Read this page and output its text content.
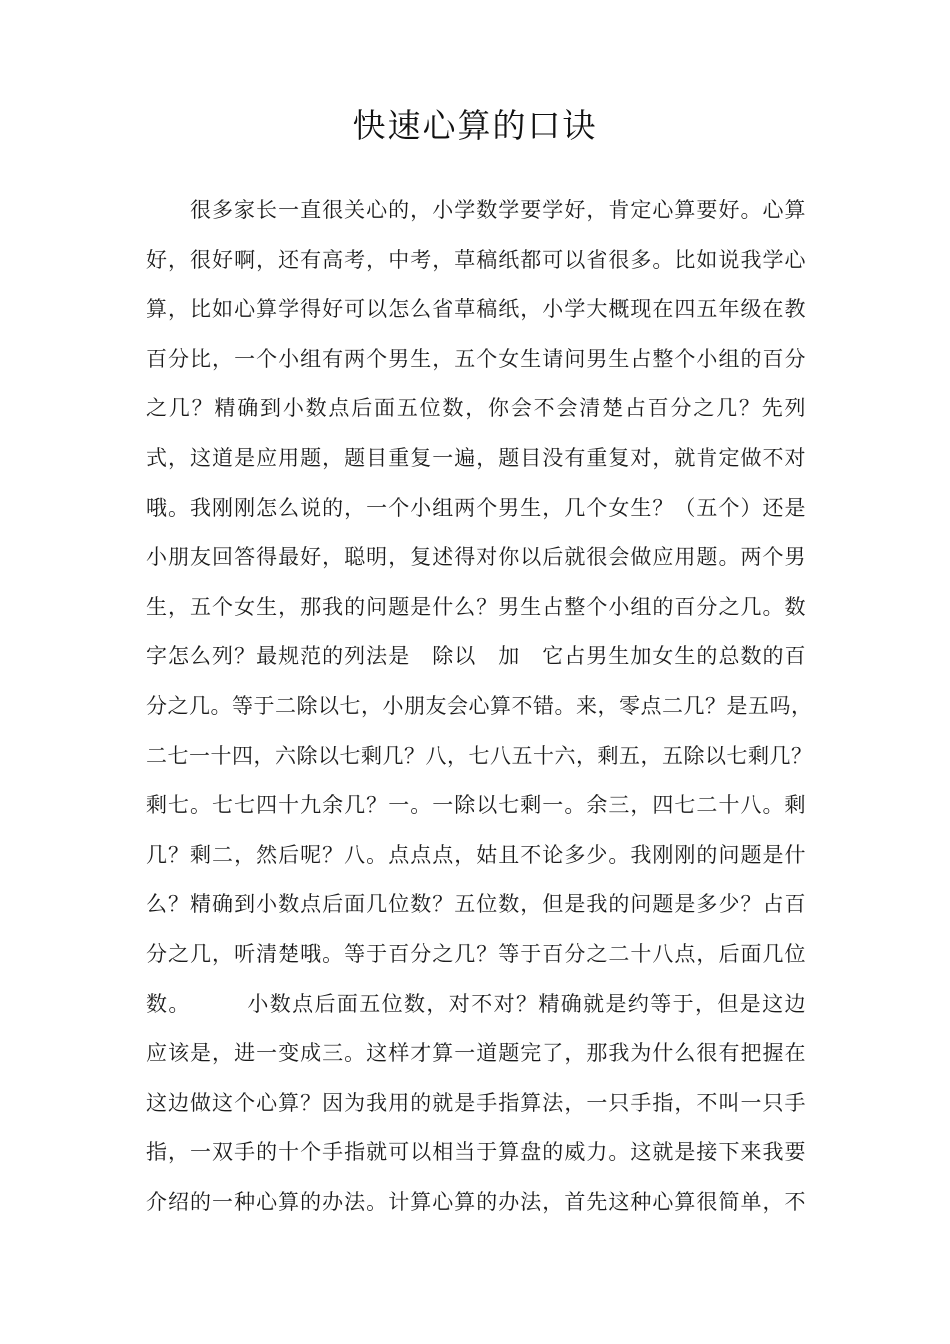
快速心算的口诀
很多家长一直很关心的，小学数学要学好，肯定心算要好。心算
好，很好啊，还有高考，中考，草稿纸都可以省很多。比如说我学心
算，比如心算学得好可以怎么省草稿纸，小学大概现在四五年级在教
百分比，一个小组有两个男生，五个女生请问男生占整个小组的百分
之几？精确到小数点后面五位数，你会不会清楚占百分之几？先列
式，这道是应用题，题目重复一遍，题目没有重复对，就肯定做不对
哦。我刚刚怎么说的，一个小组两个男生，几个女生？（五个）还是
小朋友回答得最好，聪明，复述得对你以后就很会做应用题。两个男
生，五个女生，那我的问题是什么？男生占整个小组的百分之几。数
字怎么列？最规范的列法是　除以　加　它占男生加女生的总数的百
分之几。等于二除以七，小朋友会心算不错。来，零点二几？是五吗，
二七一十四，六除以七剩几？八，七八五十六，剩五，五除以七剩几？
剩七。七七四十九余几？一。一除以七剩一。余三，四七二十八。剩
几？剩二，然后呢？八。点点点，姑且不论多少。我刚刚的问题是什
么？精确到小数点后面几位数？五位数，但是我的问题是多少？占百
分之几，听清楚哦。等于百分之几？等于百分之二十八点，后面几位
数。　　　小数点后面五位数，对不对？精确就是约等于，但是这边
应该是，进一变成三。这样才算一道题完了，那我为什么很有把握在
这边做这个心算？因为我用的就是手指算法，一只手指，不叫一只手
指，一双手的十个手指就可以相当于算盘的威力。这就是接下来我要
介绍的一种心算的办法。计算心算的办法，首先这种心算很简单，不
